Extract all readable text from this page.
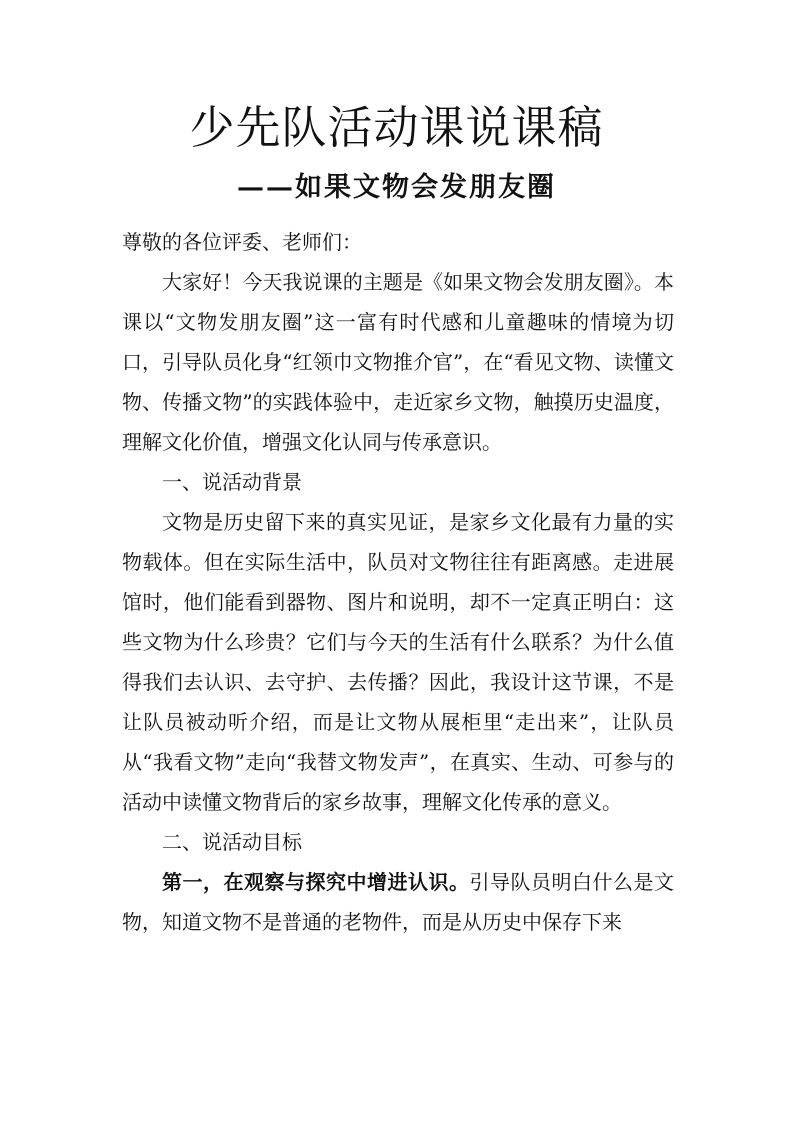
少先队活动课说课稿
——如果文物会发朋友圈

尊敬的各位评委、老师们：

大家好！今天我说课的主题是《如果文物会发朋友圈》。本课以“文物发朋友圈”这一富有时代感和儿童趣味的情境为切口，引导队员化身“红领巾文物推介官”，在“看见文物、读懂文物、传播文物”的实践体验中，走近家乡文物，触摸历史温度，理解文化价值，增强文化认同与传承意识。

一、说活动背景

文物是历史留下来的真实见证，是家乡文化最有力量的实物载体。但在实际生活中，队员对文物往往有距离感。走进展馆时，他们能看到器物、图片和说明，却不一定真正明白：这些文物为什么珍贵？它们与今天的生活有什么联系？为什么值得我们去认识、去守护、去传播？因此，我设计这节课，不是让队员被动听介绍，而是让文物从展柜里“走出来”，让队员从“我看文物”走向“我替文物发声”，在真实、生动、可参与的活动中读懂文物背后的家乡故事，理解文化传承的意义。

二、说活动目标

第一，在观察与探究中增进认识。引导队员明白什么是文物，知道文物不是普通的老物件，而是从历史中保存下来
